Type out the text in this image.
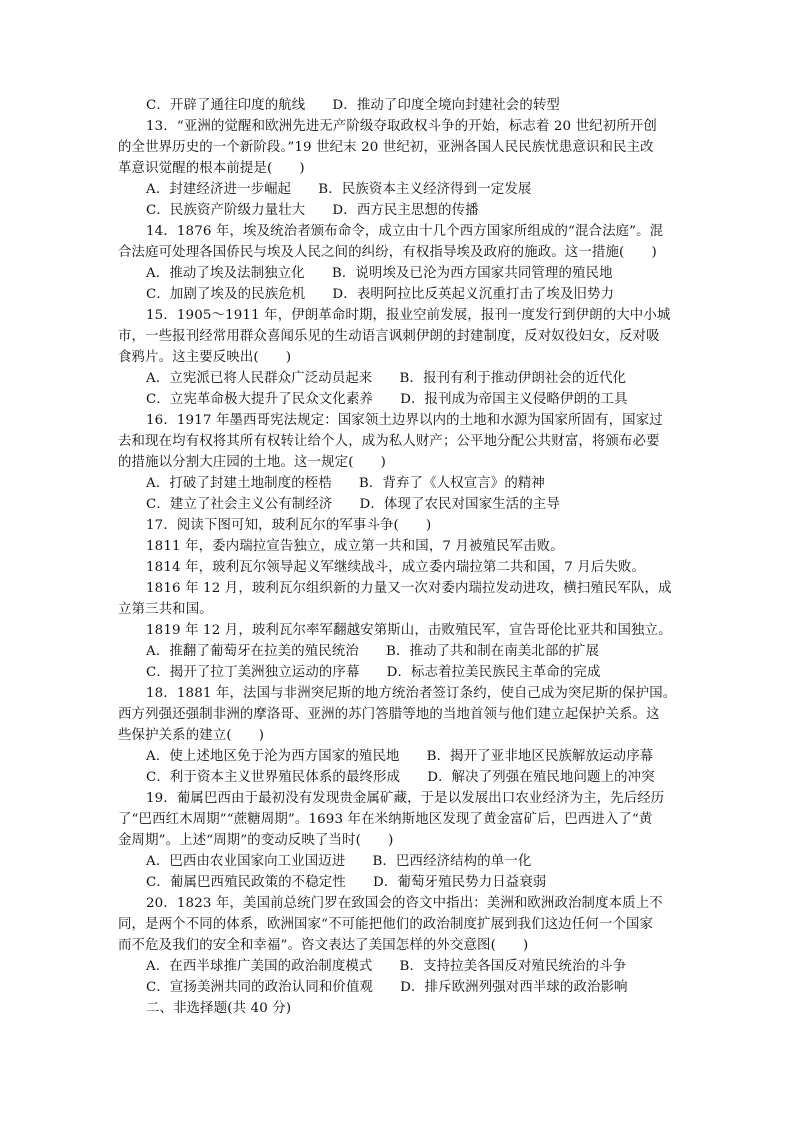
C．开辟了通往印度的航线　　D．推动了印度全境向封建社会的转型
13．“亚洲的觉醒和欧洲先进无产阶级夺取政权斗争的开始，标志着 20 世纪初所开创
的全世界历史的一个新阶段。”19 世纪末 20 世纪初，亚洲各国人民民族忧患意识和民主改
革意识觉醒的根本前提是(　　)
A．封建经济进一步崛起　　B．民族资本主义经济得到一定发展
C．民族资产阶级力量壮大　　D．西方民主思想的传播
14．1876 年，埃及统治者颁布命令，成立由十几个西方国家所组成的“混合法庭”。混
合法庭可处理各国侨民与埃及人民之间的纠纷，有权指导埃及政府的施政。这一措施(　　)
A．推动了埃及法制独立化　　B．说明埃及已沦为西方国家共同管理的殖民地
C．加剧了埃及的民族危机　　D．表明阿拉比反英起义沉重打击了埃及旧势力
15．1905～1911 年，伊朗革命时期，报业空前发展，报刊一度发行到伊朗的大中小城
市，一些报刊经常用群众喜闻乐见的生动语言讽刺伊朗的封建制度，反对奴役妇女，反对吸
食鸦片。这主要反映出(　　)
A．立宪派已将人民群众广泛动员起来　　B．报刊有利于推动伊朗社会的近代化
C．立宪革命极大提升了民众文化素养　　D．报刊成为帝国主义侵略伊朗的工具
16．1917 年墨西哥宪法规定：国家领土边界以内的土地和水源为国家所固有，国家过
去和现在均有权将其所有权转让给个人，成为私人财产；公平地分配公共财富，将颁布必要
的措施以分割大庄园的土地。这一规定(　　)
A．打破了封建土地制度的桎梏　　B．背弃了《人权宣言》的精神
C．建立了社会主义公有制经济　　D．体现了农民对国家生活的主导
17．阅读下图可知，玻利瓦尔的军事斗争(　　)
1811 年，委内瑞拉宣告独立，成立第一共和国，7 月被殖民军击败。
1814 年，玻利瓦尔领导起义军继续战斗，成立委内瑞拉第二共和国，7 月后失败。
1816 年 12 月，玻利瓦尔组织新的力量又一次对委内瑞拉发动进攻，横扫殖民军队，成
立第三共和国。
1819 年 12 月，玻利瓦尔率军翻越安第斯山，击败殖民军，宣告哥伦比亚共和国独立。
A．推翻了葡萄牙在拉美的殖民统治　　B．推动了共和制在南美北部的扩展
C．揭开了拉丁美洲独立运动的序幕　　D．标志着拉美民族民主革命的完成
18．1881 年，法国与非洲突尼斯的地方统治者签订条约，使自己成为突尼斯的保护国。
西方列强还强制非洲的摩洛哥、亚洲的苏门答腊等地的当地首领与他们建立起保护关系。这
些保护关系的建立(　　)
A．使上述地区免于沦为西方国家的殖民地　　B．揭开了亚非地区民族解放运动序幕
C．利于资本主义世界殖民体系的最终形成　　D．解决了列强在殖民地问题上的冲突
19．葡属巴西由于最初没有发现贵金属矿藏，于是以发展出口农业经济为主，先后经历
了“巴西红木周期”“蔗糖周期”。1693 年在米纳斯地区发现了黄金富矿后，巴西进入了“黄
金周期”。上述“周期”的变动反映了当时(　　)
A．巴西由农业国家向工业国迈进　　B．巴西经济结构的单一化
C．葡属巴西殖民政策的不稳定性　　D．葡萄牙殖民势力日益衰弱
20．1823 年，美国前总统门罗在致国会的咨文中指出：美洲和欧洲政治制度本质上不
同，是两个不同的体系，欧洲国家“不可能把他们的政治制度扩展到我们这边任何一个国家
而不危及我们的安全和幸福”。咨文表达了美国怎样的外交意图(　　)
A．在西半球推广美国的政治制度模式　　B．支持拉美各国反对殖民统治的斗争
C．宣扬美洲共同的政治认同和价值观　　D．排斥欧洲列强对西半球的政治影响
二、非选择题(共 40 分)
